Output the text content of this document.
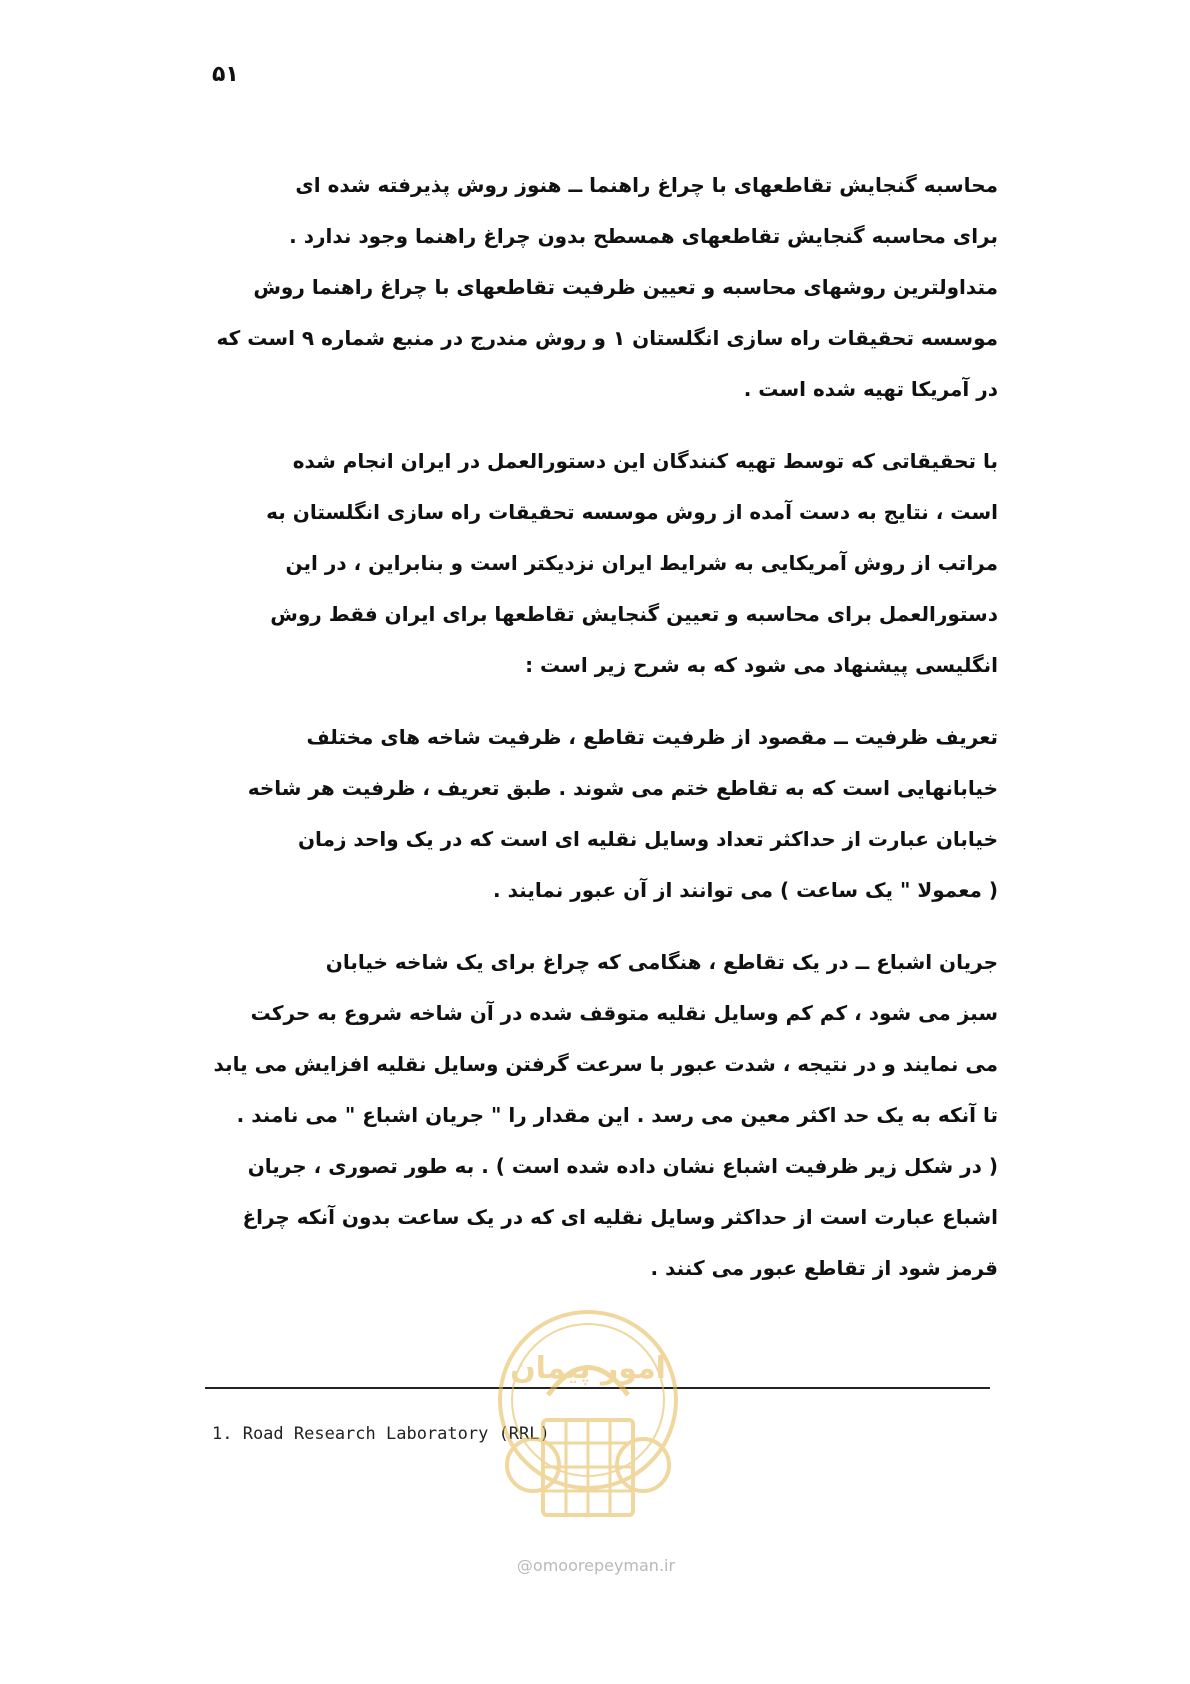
۵۱
محاسبه گنجایش تقاطعهای با چراغ راهنما ــ هنوز روش پذیرفته شده ای
برای محاسبه گنجایش تقاطعهای همسطح بدون چراغ راهنما وجود ندارد .
متداولترین روشهای محاسبه و تعیین ظرفیت تقاطعهای با چراغ راهنما روش
موسسه تحقیقات راه سازی انگلستان ۱ و روش مندرج در منبع شماره ۹ است که
در آمریکا تهیه شده است .
با تحقیقاتی که توسط تهیه کنندگان این دستورالعمل در ایران انجام شده
است ، نتایج به دست آمده از روش موسسه تحقیقات راه سازی انگلستان به
مراتب از روش آمریکایی به شرایط ایران نزدیکتر است و بنابراین ، در این
دستورالعمل برای محاسبه و تعیین گنجایش تقاطعها برای ایران فقط روش
انگلیسی پیشنهاد می شود که به شرح زیر است :
تعریف ظرفیت ــ مقصود از ظرفیت تقاطع ، ظرفیت شاخه های مختلف
خیابانهایی است که به تقاطع ختم می شوند . طبق تعریف ، ظرفیت هر شاخه
خیابان عبارت از حداکثر تعداد وسایل نقلیه ای است که در یک واحد زمان
( معمولا " یک ساعت ) می توانند از آن عبور نمایند .
جریان اشباع ــ در یک تقاطع ، هنگامی که چراغ برای یک شاخه خیابان
سبز می شود ، کم کم وسایل نقلیه متوقف شده در آن شاخه شروع به حرکت
می نمایند و در نتیجه ، شدت عبور با سرعت گرفتن وسایل نقلیه افزایش می یابد
تا آنکه به یک حد اکثر معین می رسد . این مقدار را " جریان اشباع " می نامند .
( در شکل زیر ظرفیت اشباع نشان داده شده است ) . به طور تصوری ، جریان
اشباع عبارت است از حداکثر وسایل نقلیه ای که در یک ساعت بدون آنکه چراغ
قرمز شود از تقاطع عبور می کنند .
1. Road Research Laboratory (RRL)
امور پیمان
@omoorepeyman.ir
